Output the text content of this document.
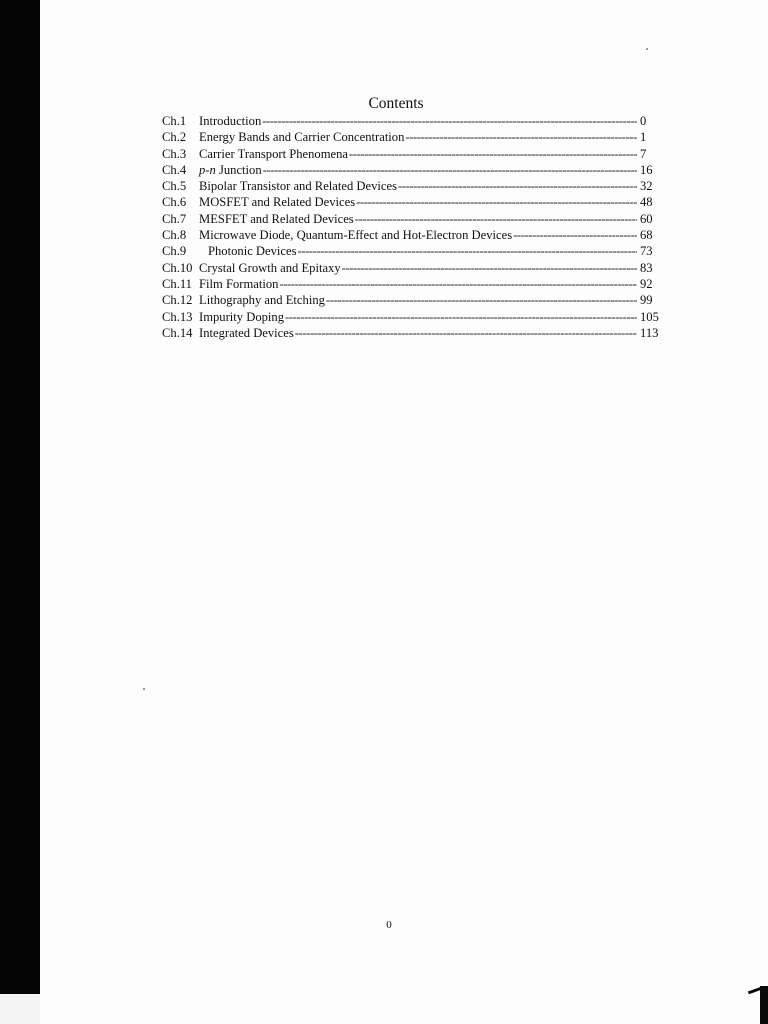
Contents
Ch.1	Introduction -----	0
Ch.2	Energy Bands and Carrier Concentration -----	1
Ch.3	Carrier Transport Phenomena -----	7
Ch.4	p-n Junction -----	16
Ch.5	Bipolar Transistor and Related Devices -----	32
Ch.6	MOSFET and Related Devices -----	48
Ch.7	MESFET and Related Devices -----	60
Ch.8	Microwave Diode, Quantum-Effect and Hot-Electron Devices -----	68
Ch.9	Photonic Devices -----	73
Ch.10 Crystal Growth and Epitaxy -----	83
Ch.11 Film Formation -----	92
Ch.12 Lithography and Etching -----	99
Ch.13 Impurity Doping -----	105
Ch.14 Integrated Devices -----	113
0
